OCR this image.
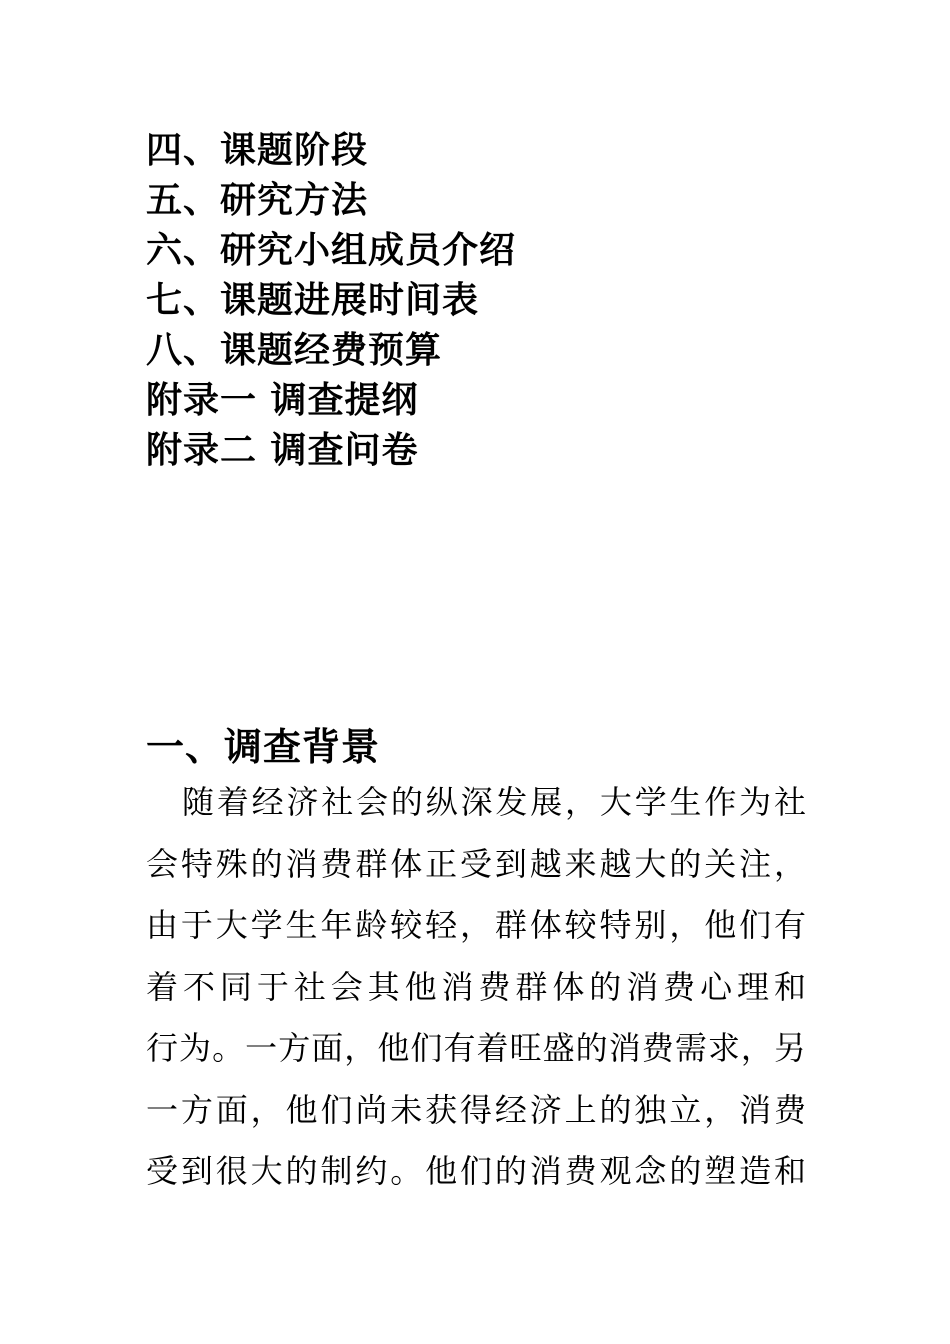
四、课题阶段
五、研究方法
六、研究小组成员介绍
七、课题进展时间表
八、课题经费预算
附录一 调查提纲
附录二 调查问卷
一、调查背景
随着经济社会的纵深发展，大学生作为社
会特殊的消费群体正受到越来越大的关注，
由于大学生年龄较轻，群体较特别，他们有
着不同于社会其他消费群体的消费心理和
行为。一方面，他们有着旺盛的消费需求，另
一方面，他们尚未获得经济上的独立，消费
受到很大的制约。他们的消费观念的塑造和
